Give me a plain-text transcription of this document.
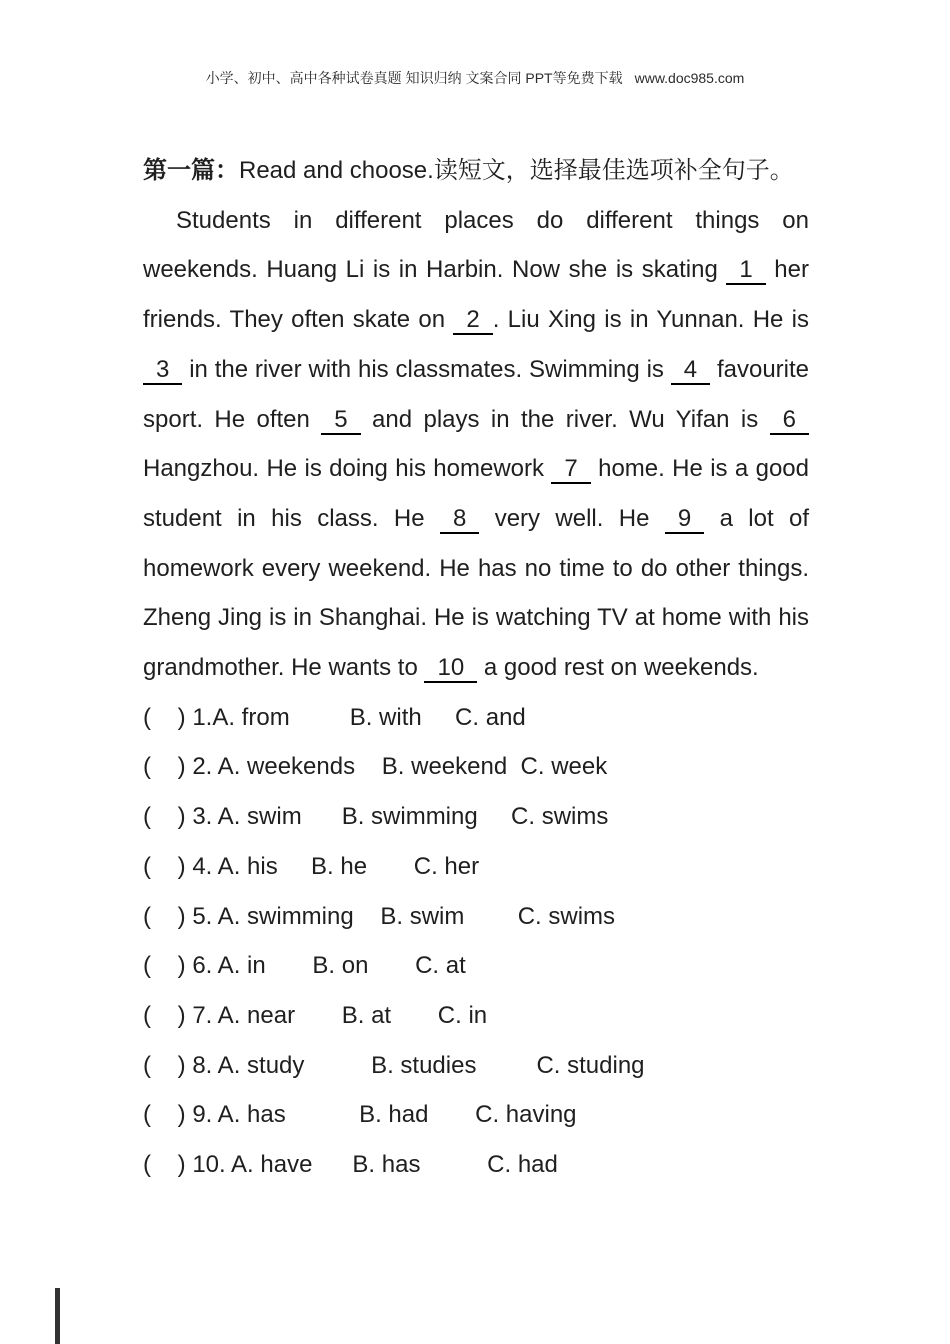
小学、初中、高中各种试卷真题 知识归纳 文案合同 PPT等免费下载 www.doc985.com
第一篇：Read and choose.读短文，选择最佳选项补全句子。

Students in different places do different things on weekends. Huang Li is in Harbin. Now she is skating 1 her friends. They often skate on 2 . Liu Xing is in Yunnan. He is 3 in the river with his classmates. Swimming is 4 favourite sport. He often 5 and plays in the river. Wu Yifan is 6 Hangzhou. He is doing his homework 7 home. He is a good student in his class. He 8 very well. He 9 a lot of homework every weekend. He has no time to do other things. Zheng Jing is in Shanghai. He is watching TV at home with his grandmother. He wants to 10 a good rest on weekends.

(    ) 1.A. from         B. with     C. and
(    ) 2. A. weekends    B. weekend  C. week
(    ) 3. A. swim      B. swimming     C. swims
(    ) 4. A. his     B. he       C. her
(    ) 5. A. swimming    B. swim        C. swims
(    ) 6. A. in       B. on       C. at
(    ) 7. A. near       B. at       C. in
(    ) 8. A. study          B. studies         C. studing
(    ) 9. A. has           B. had       C. having
(    ) 10. A. have      B. has          C. had
